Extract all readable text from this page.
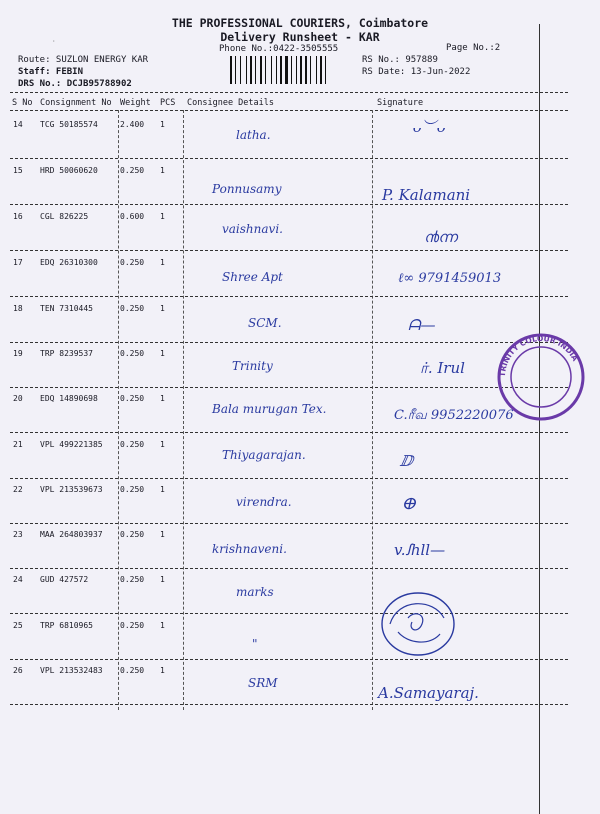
THE PROFESSIONAL COURIERS, Coimbatore
Delivery Runsheet - KAR
Phone No.:0422-3505555	Page No.:2
·
Route: SUZLON ENERGY KAR
Staff: FEBIN
DRS No.: DCJB95788902
RS No.: 957889
RS Date: 13-Jun-2022
S No Consignment No Weight PCS Consignee Details	Signature
14 TCG 50185574	2.400 1
latha.	ᴗ︶ᴗ
15 HRD 50060620	0.250 1
Ponnusamy	P. Kalamani
16 CGL 826225	0.600 1
vaishnavi.	൯ന്ന
17 EDQ 26310300	0.250 1
Shree Apt	ℓ∞ 9791459013
18 TEN 7310445	0.250 1
SCM.	ᗩ—
19 TRP 8239537	0.250 1
Trinity	ர். Irul
20 EDQ 14890698	0.250 1
Bala murugan Tex.	C.ரீவ 9952220076
21 VPL 499221385 0.250 1
Thiyagarajan.	ⅅ
22 VPL 213539673 0.250 1
virendra.	ⴲ
23 MAA 264803937 0.250 1
krishnaveni.	v.ꭍhll—
24 GUD 427572	0.250 1
marks
25 TRP 6810965	0.250 1
"
26 VPL 213532483 0.250 1
SRM
A.Samayaraj.
TRINITY COLOUR INDIA
